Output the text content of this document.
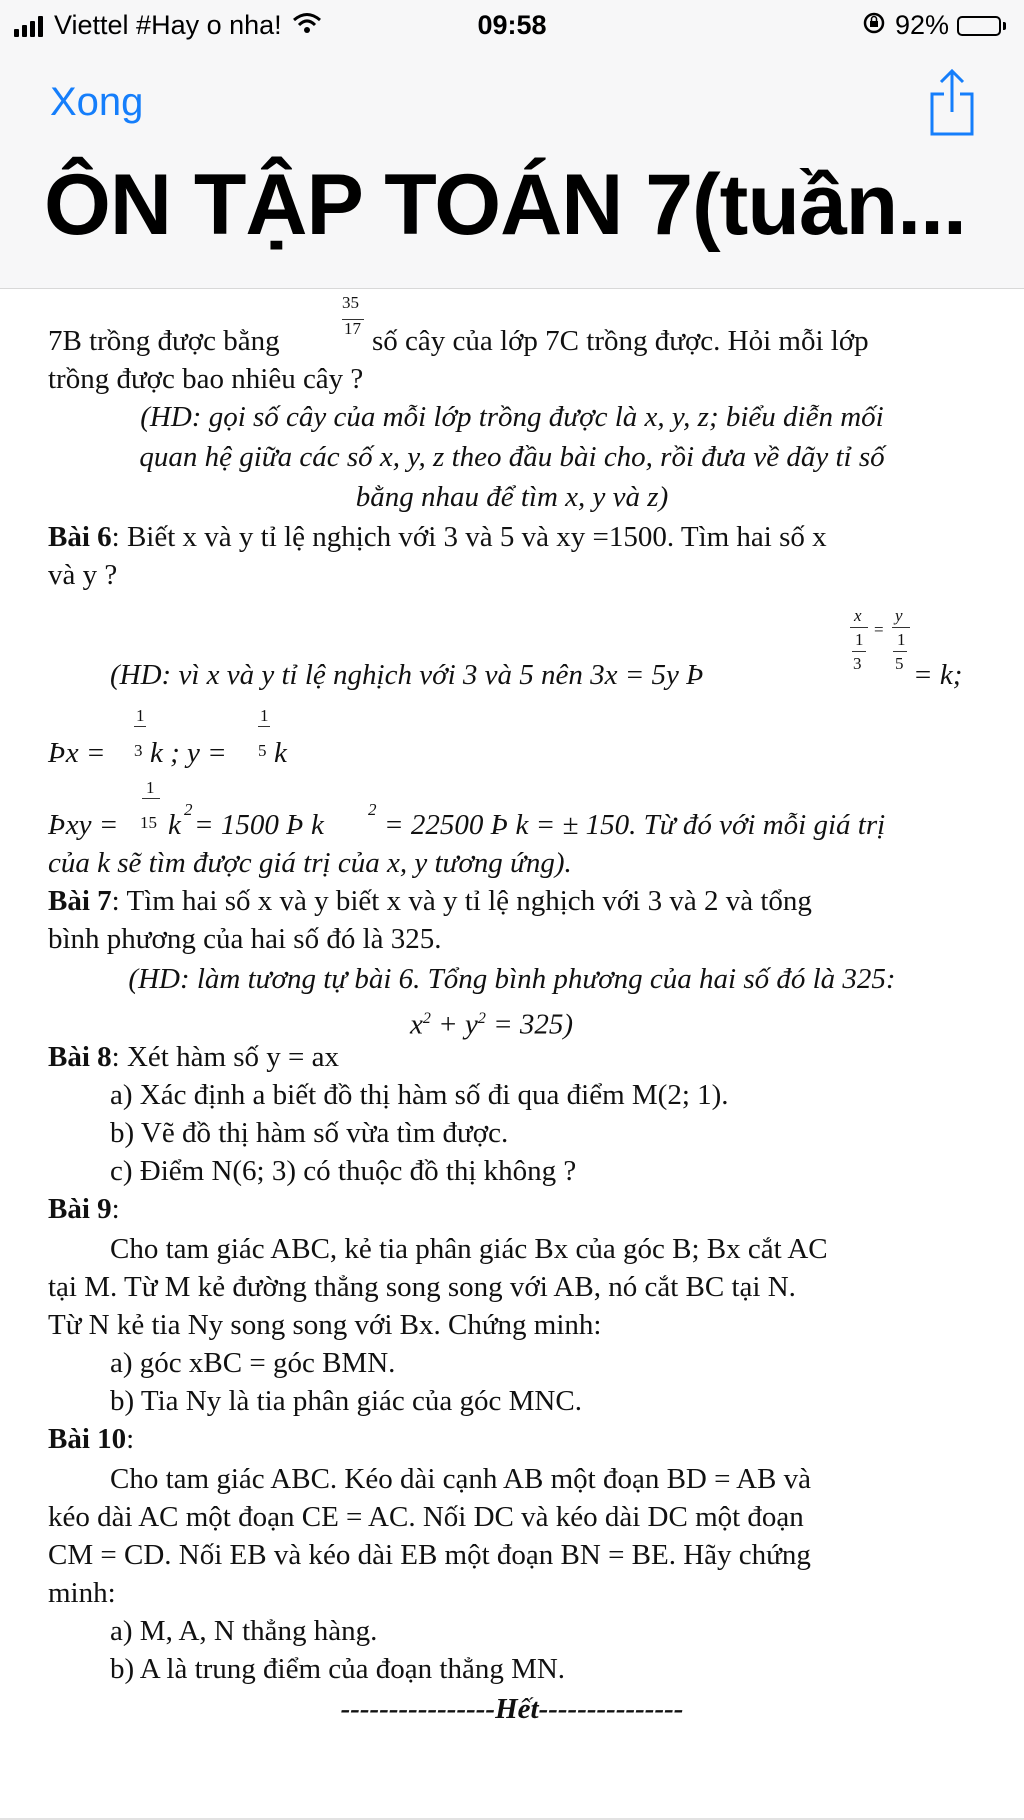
Viettel #Hay o nha!	09:58	92%
Xong
ÔN TẬP TOÁN 7(tuần...
7B trồng được bằng
35
17 số cây của lớp 7C trồng được. Hỏi mỗi lớp
trồng được bao nhiêu cây ?
(HD: gọi số cây của mỗi lớp trồng được là x, y, z; biểu diễn mối
quan hệ giữa các số x, y, z theo đầu bài cho, rồi đưa về dãy tỉ số
bằng nhau để tìm x, y và z)
Bài 6: Biết x và y tỉ lệ nghịch với 3 và 5 và xy =1500. Tìm hai số x
và y ?
(HD: vì x và y tỉ lệ nghịch với 3 và 5 nên 3x = 5y Þ
x
1
3
=
y
1
5 = k;
Þx =
1
3 k ; y =
1
5 k
Þxy =
1
15 k 2 = 1500 Þ k	2 = 22500 Þ k = ± 150. Từ đó với mỗi giá trị
của k sẽ tìm được giá trị của x, y tương ứng).
Bài 7: Tìm hai số x và y biết x và y tỉ lệ nghịch với 3 và 2 và tổng
bình phương của hai số đó là 325.
(HD: làm tương tự bài 6. Tổng bình phương của hai số đó là 325:
$x^2 + y^2 = 325$)
Bài 8: Xét hàm số y = ax
a) Xác định a biết đồ thị hàm số đi qua điểm M(2; 1).
b) Vẽ đồ thị hàm số vừa tìm được.
c) Điểm N(6; 3) có thuộc đồ thị không ?
Bài 9:
Cho tam giác ABC, kẻ tia phân giác Bx của góc B; Bx cắt AC
tại M. Từ M kẻ đường thẳng song song với AB, nó cắt BC tại N.
Từ N kẻ tia Ny song song với Bx. Chứng minh:
a) góc xBC = góc BMN.
b) Tia Ny là tia phân giác của góc MNC.
Bài 10:
Cho tam giác ABC. Kéo dài cạnh AB một đoạn BD = AB và
kéo dài AC một đoạn CE = AC. Nối DC và kéo dài DC một đoạn
CM = CD. Nối EB và kéo dài EB một đoạn BN = BE. Hãy chứng
minh:
a) M, A, N thẳng hàng.
b) A là trung điểm của đoạn thẳng MN.
----------------Hết---------------
